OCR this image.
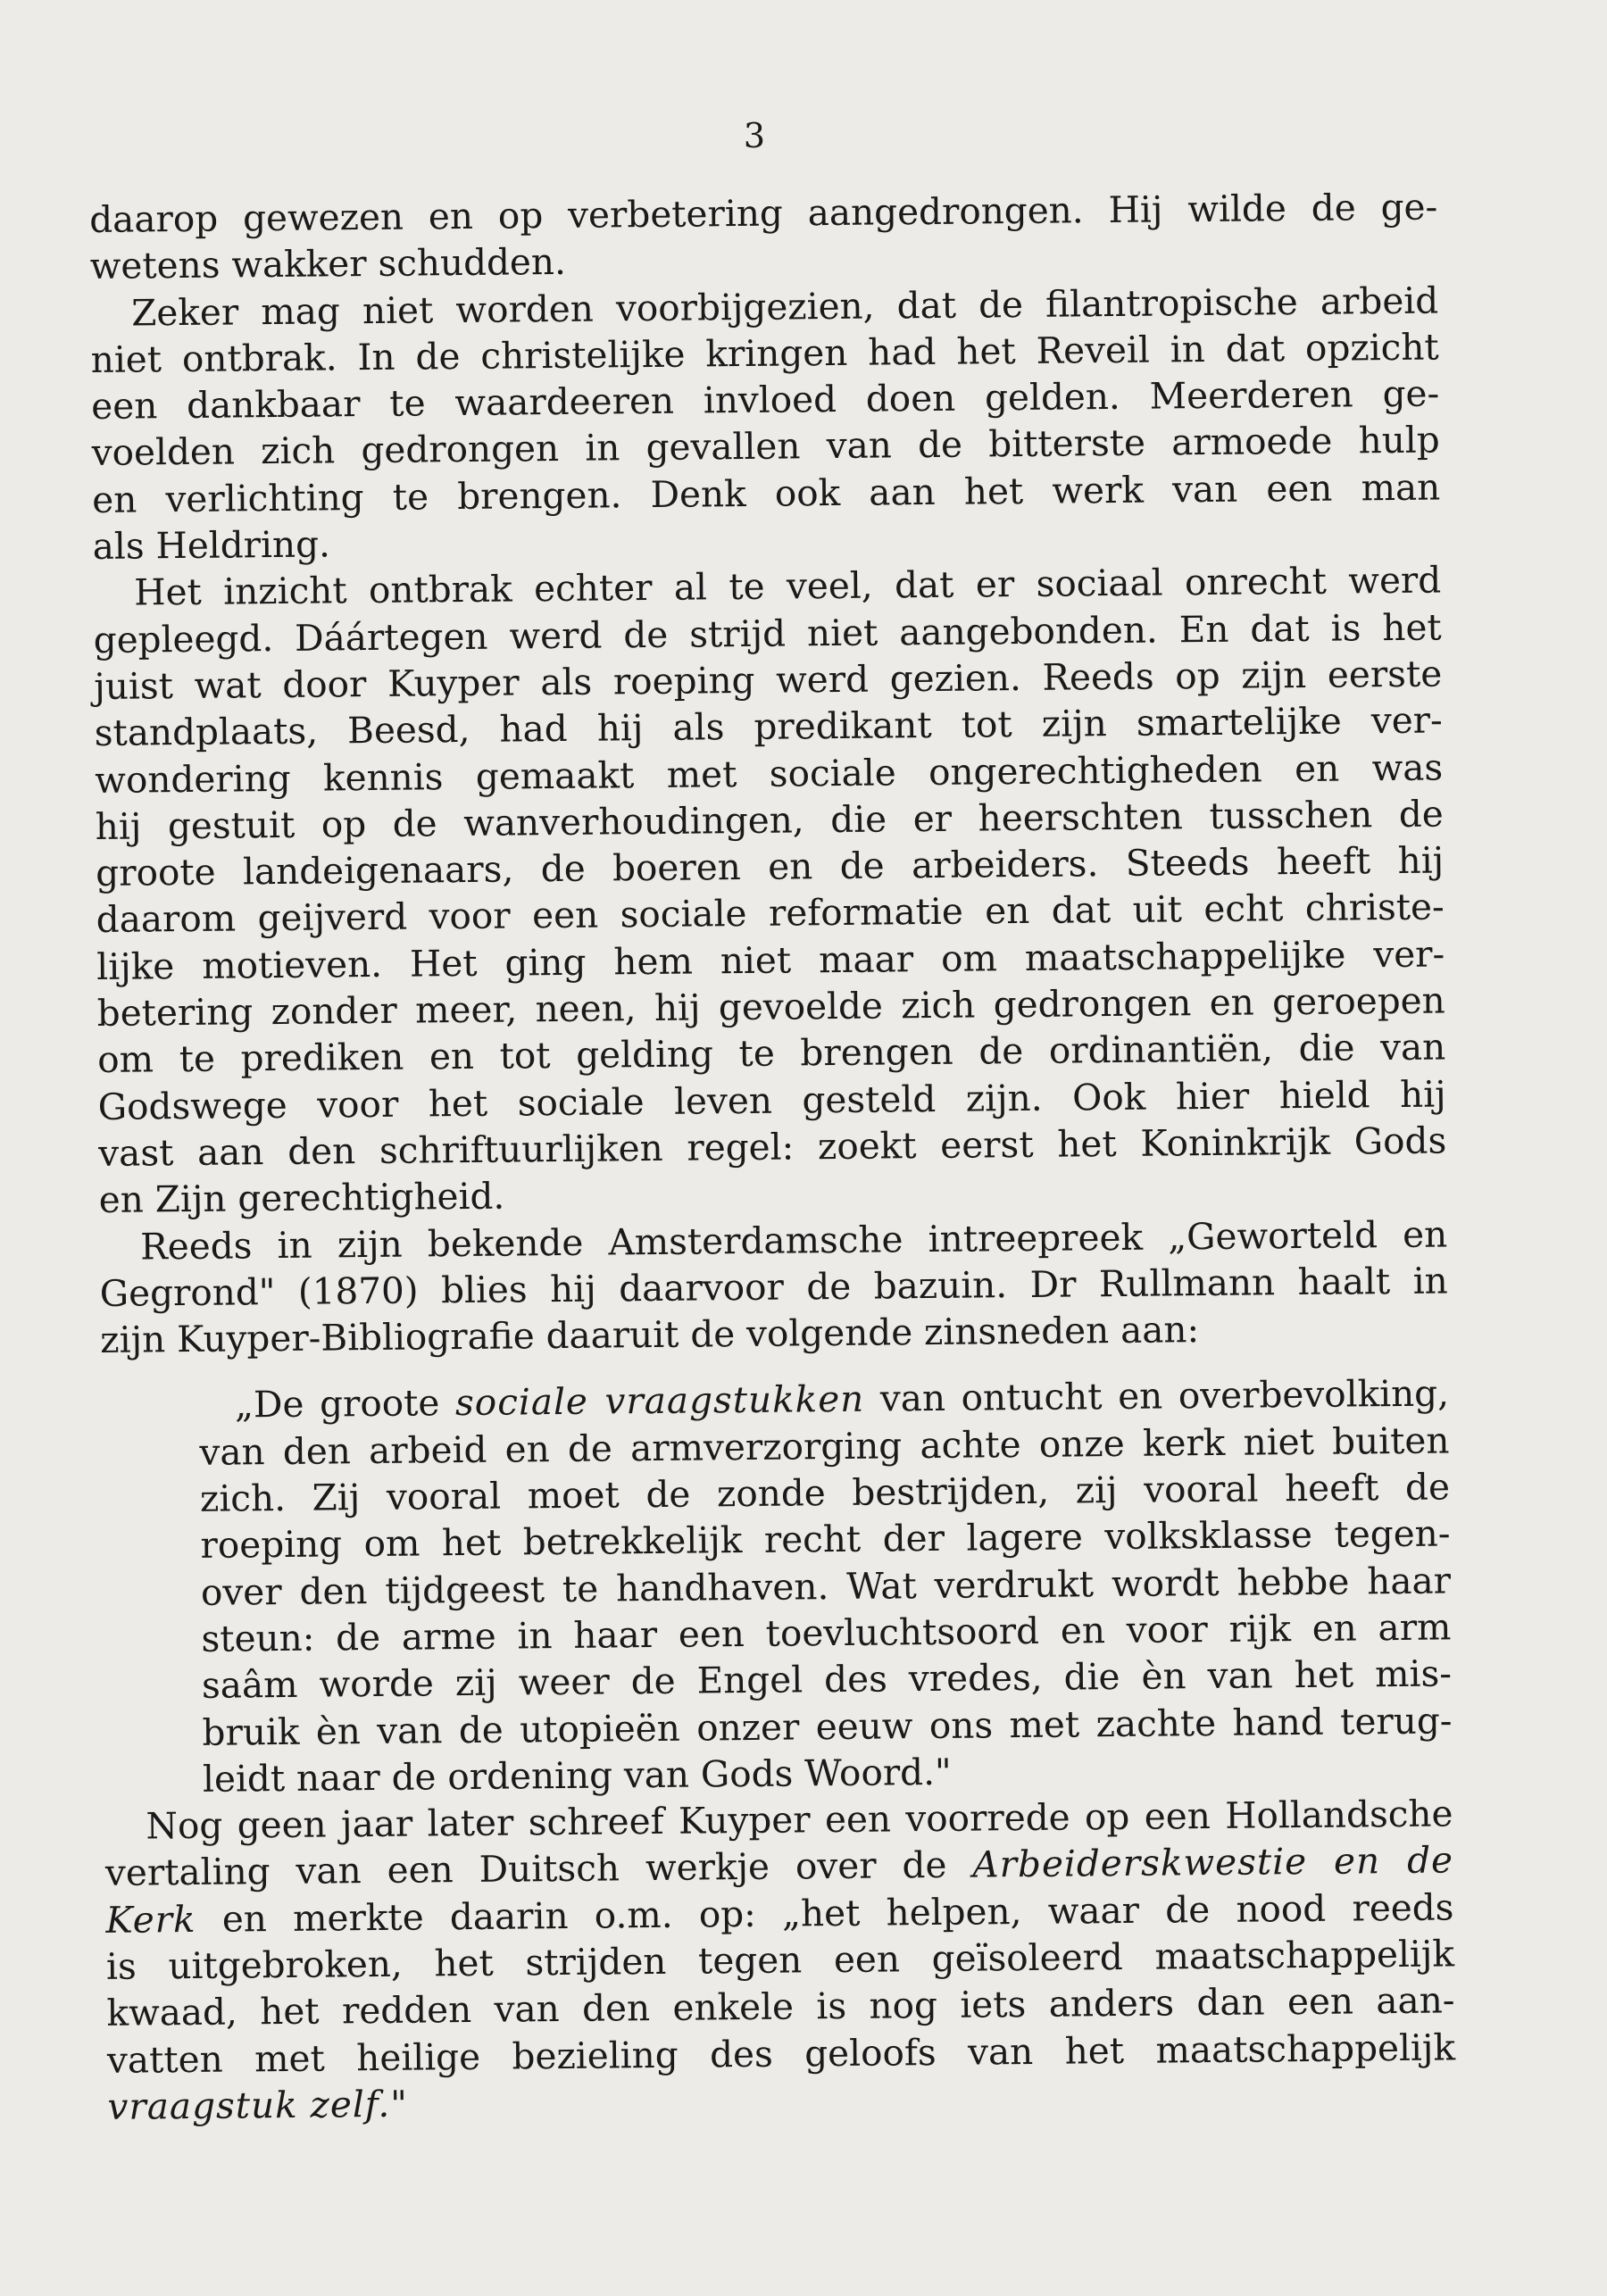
3

daarop gewezen en op verbetering aangedrongen. Hij wilde de ge-
wetens wakker schudden.

Zeker mag niet worden voorbijgezien, dat de filantropische arbeid
niet ontbrak. In de christelijke kringen had het Reveil in dat opzicht
een dankbaar te waardeeren invloed doen gelden. Meerderen ge-
voelden zich gedrongen in gevallen van de bitterste armoede hulp
en verlichting te brengen. Denk ook aan het werk van een man
als Heldring.

Het inzicht ontbrak echter al te veel, dat er sociaal onrecht werd
gepleegd. Dáártegen werd de strijd niet aangebonden. En dat is het
juist wat door Kuyper als roeping werd gezien. Reeds op zijn eerste
standplaats, Beesd, had hij als predikant tot zijn smartelijke ver-
wondering kennis gemaakt met sociale ongerechtigheden en was
hij gestuit op de wanverhoudingen, die er heerschten tusschen de
groote landeigenaars, de boeren en de arbeiders. Steeds heeft hij
daarom geijverd voor een sociale reformatie en dat uit echt christe-
lijke motieven. Het ging hem niet maar om maatschappelijke ver-
betering zonder meer, neen, hij gevoelde zich gedrongen en geroepen
om te prediken en tot gelding te brengen de ordinantiën, die van
Godswege voor het sociale leven gesteld zijn. Ook hier hield hij
vast aan den schriftuurlijken regel: zoekt eerst het Koninkrijk Gods
en Zijn gerechtigheid.

Reeds in zijn bekende Amsterdamsche intreepreek „Geworteld en
Gegrond" (1870) blies hij daarvoor de bazuin. Dr Rullmann haalt in
zijn Kuyper-Bibliografie daaruit de volgende zinsneden aan:

„De groote sociale vraagstukken van ontucht en overbevolking,
van den arbeid en de armverzorging achte onze kerk niet buiten
zich. Zij vooral moet de zonde bestrijden, zij vooral heeft de
roeping om het betrekkelijk recht der lagere volksklasse tegen-
over den tijdgeest te handhaven. Wat verdrukt wordt hebbe haar
steun: de arme in haar een toevluchtsoord en voor rijk en arm
saâm worde zij weer de Engel des vredes, die èn van het mis-
bruik èn van de utopieën onzer eeuw ons met zachte hand terug-
leidt naar de ordening van Gods Woord."

Nog geen jaar later schreef Kuyper een voorrede op een Hollandsche
vertaling van een Duitsch werkje over de Arbeiderskwestie en de
Kerk en merkte daarin o.m. op: „het helpen, waar de nood reeds
is uitgebroken, het strijden tegen een geïsoleerd maatschappelijk
kwaad, het redden van den enkele is nog iets anders dan een aan-
vatten met heilige bezieling des geloofs van het maatschappelijk
vraagstuk zelf."
